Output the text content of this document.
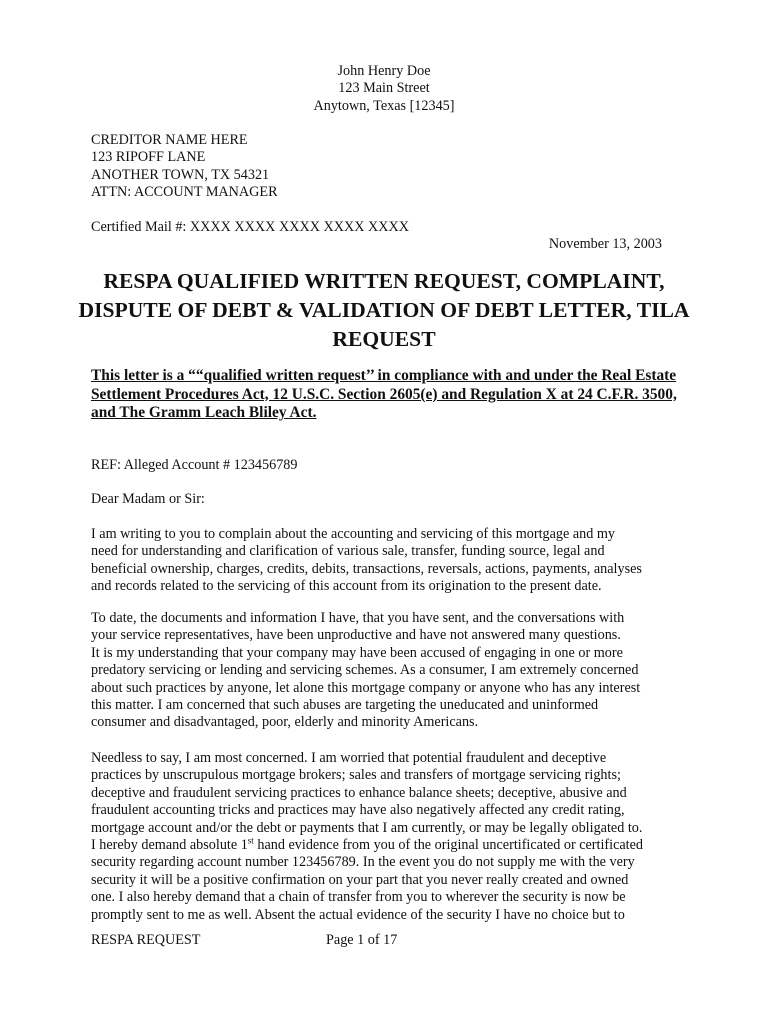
John Henry Doe
123 Main Street
Anytown, Texas [12345]
CREDITOR NAME HERE
123 RIPOFF LANE
ANOTHER TOWN, TX 54321
ATTN: ACCOUNT MANAGER
Certified Mail #: XXXX XXXX XXXX XXXX XXXX
November 13, 2003
RESPA QUALIFIED WRITTEN REQUEST, COMPLAINT, DISPUTE OF DEBT & VALIDATION OF DEBT LETTER, TILA REQUEST
This letter is a ““qualified written request’’ in compliance with and under the Real Estate Settlement Procedures Act, 12 U.S.C. Section 2605(e) and Regulation X at 24 C.F.R. 3500, and The Gramm Leach Bliley Act.
REF: Alleged Account # 123456789
Dear Madam or Sir:
I am writing to you to complain about the accounting and servicing of this mortgage and my
need for understanding and clarification of various sale, transfer, funding source, legal and
beneficial ownership, charges, credits, debits, transactions, reversals, actions, payments, analyses
and records related to the servicing of this account from its origination to the present date.
To date, the documents and information I have, that you have sent, and the conversations with
your service representatives, have been unproductive and have not answered many questions.
It is my understanding that your company may have been accused of engaging in one or more
predatory servicing or lending and servicing schemes. As a consumer, I am extremely concerned
about such practices by anyone, let alone this mortgage company or anyone who has any interest
this matter. I am concerned that such abuses are targeting the uneducated and uninformed
consumer and disadvantaged, poor, elderly and minority Americans.
Needless to say, I am most concerned. I am worried that potential fraudulent and deceptive
practices by unscrupulous mortgage brokers; sales and transfers of mortgage servicing rights;
deceptive and fraudulent servicing practices to enhance balance sheets; deceptive, abusive and
fraudulent accounting tricks and practices may have also negatively affected any credit rating,
mortgage account and/or the debt or payments that I am currently, or may be legally obligated to.
I hereby demand absolute 1st hand evidence from you of the original uncertificated or certificated
security regarding account number 123456789. In the event you do not supply me with the very
security it will be a positive confirmation on your part that you never really created and owned
one. I also hereby demand that a chain of transfer from you to wherever the security is now be
promptly sent to me as well. Absent the actual evidence of the security I have no choice but to
RESPA REQUEST	Page 1 of 17
